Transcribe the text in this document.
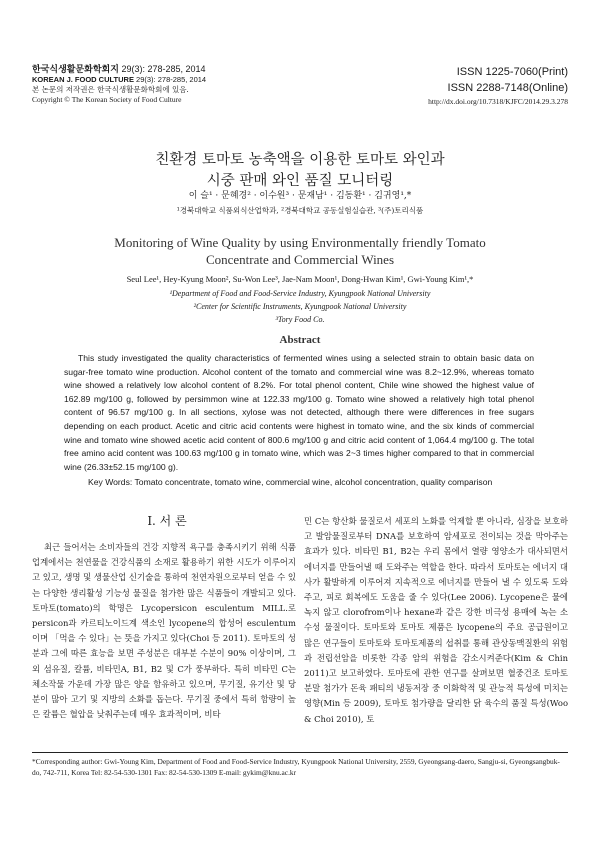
한국식생활문화학회지 29(3): 278-285, 2014
KOREAN J. FOOD CULTURE 29(3): 278-285, 2014
본 논문의 저작권은 한국식생활문화학회에 있음.
Copyright © The Korean Society of Food Culture
ISSN 1225-7060(Print)
ISSN 2288-7148(Online)
http://dx.doi.org/10.7318/KJFC/2014.29.3.278
친환경 토마토 농축액을 이용한 토마토 와인과
시중 판매 와인 품질 모니터링
이 슬¹ · 문혜경² · 이수원³ · 문재남¹ · 김동환¹ · 김귀영¹,*
¹경북대학교 식품외식산업학과, ²경북대학교 공동실험실습관, ³(주)토리식품
Monitoring of Wine Quality by using Environmentally friendly Tomato
Concentrate and Commercial Wines
Seul Lee¹, Hey-Kyung Moon², Su-Won Lee³, Jae-Nam Moon¹, Dong-Hwan Kim¹, Gwi-Young Kim¹,*
¹Department of Food and Food-Service Industry, Kyungpook National University
²Center for Scientific Instruments, Kyungpook National University
³Tory Food Co.
Abstract
This study investigated the quality characteristics of fermented wines using a selected strain to obtain basic data on sugar-free tomato wine production. Alcohol content of the tomato and commercial wine was 8.2~12.9%, whereas tomato wine showed a relatively low alcohol content of 8.2%. For total phenol content, Chile wine showed the highest value of 162.89 mg/100 g, followed by persimmon wine at 122.33 mg/100 g. Tomato wine showed a relatively high total phenol content of 96.57 mg/100 g. In all sections, xylose was not detected, although there were differences in free sugars depending on each product. Acetic and citric acid contents were highest in tomato wine, and the six kinds of commercial wine and tomato wine showed acetic acid content of 800.6 mg/100 g and citric acid content of 1,064.4 mg/100 g. The total free amino acid content was 100.63 mg/100 g in tomato wine, which was 2~3 times higher compared to that in commercial wine (26.33±52.15 mg/100 g).
Key Words: Tomato concentrate, tomato wine, commercial wine, alcohol concentration, quality comparison
I. 서 론
최근 들어서는 소비자들의 건강 지향적 욕구를 충족시키기 위해 식품업계에서는 천연물을 건강식품의 소재로 활용하기 위한 시도가 이루어지고 있고, 생명 및 생물산업 신기술을 통하여 천연자원으로부터 얻을 수 있는 다양한 생리활성 기능성 물질을 첨가한 많은 식품들이 개발되고 있다. 토마토(tomato)의 학명은 Lycopersicon esculentum MILL.로 persicon과 카르티노이드계 색소인 lycopene의 합성어 esculentum이며 「먹을 수 있다」는 뜻을 가지고 있다(Choi 등 2011). 토마토의 성분과 그에 따른 효능을 보면 주성분은 대부분 수분이 90% 이상이며, 그 외 섬유질, 칼륨, 비타민A, B1, B2 및 C가 풍부하다. 특히 비타민 C는 체소작물 가운데 가장 많은 양을 함유하고 있으며, 무기질, 유기산 및 당분이 많아 고기 및 지방의 소화를 돕는다. 무기질 중에서 특히 함량이 높은 칼륨은 혈압을 낮춰주는데 매우 효과적이며, 비타
민 C는 항산화 물질로서 세포의 노화를 억제할 뿐 아니라, 심장을 보호하고 발암물질로부터 DNA를 보호하여 암세포로 전이되는 것을 막아주는 효과가 있다. 비타민 B1, B2는 우리 몸에서 열량 영양소가 대사되면서 에너지를 만들어낼 때 도와주는 역할을 한다. 따라서 토마토는 에너지 대사가 활발하게 이루어져 지속적으로 에너지를 만들어 낼 수 있도록 도와주고, 피로 회복에도 도움을 줄 수 있다(Lee 2006). Lycopene은 물에 녹지 않고 clorofrom이나 hexane과 같은 강한 비극성 용매에 녹는 소수성 물질이다. 토마토와 토마토 제품은 lycopene의 주요 공급원이고 많은 연구들이 토마토와 토마토제품의 섭취를 통해 관상동맥질환의 위험과 전립선암을 비롯한 각종 암의 위험을 감소시켜준다(Kim & Chin 2011)고 보고하였다. 토마토에 관한 연구를 살펴보면 혈중건조 토마토 분말 첨가가 돈육 패티의 냉동저장 중 이화학적 및 관능적 특성에 미치는 영향(Min 등 2009), 토마토 첨가량을 달리한 닭 육수의 품질 특성(Woo & Choi 2010), 토
*Corresponding author: Gwi-Young Kim, Department of Food and Food-Service Industry, Kyungpook National University, 2559, Gyeongsang-daero, Sangju-si, Gyeongsangbuk-do, 742-711, Korea Tel: 82-54-530-1301 Fax: 82-54-530-1309 E-mail: gykim@knu.ac.kr
